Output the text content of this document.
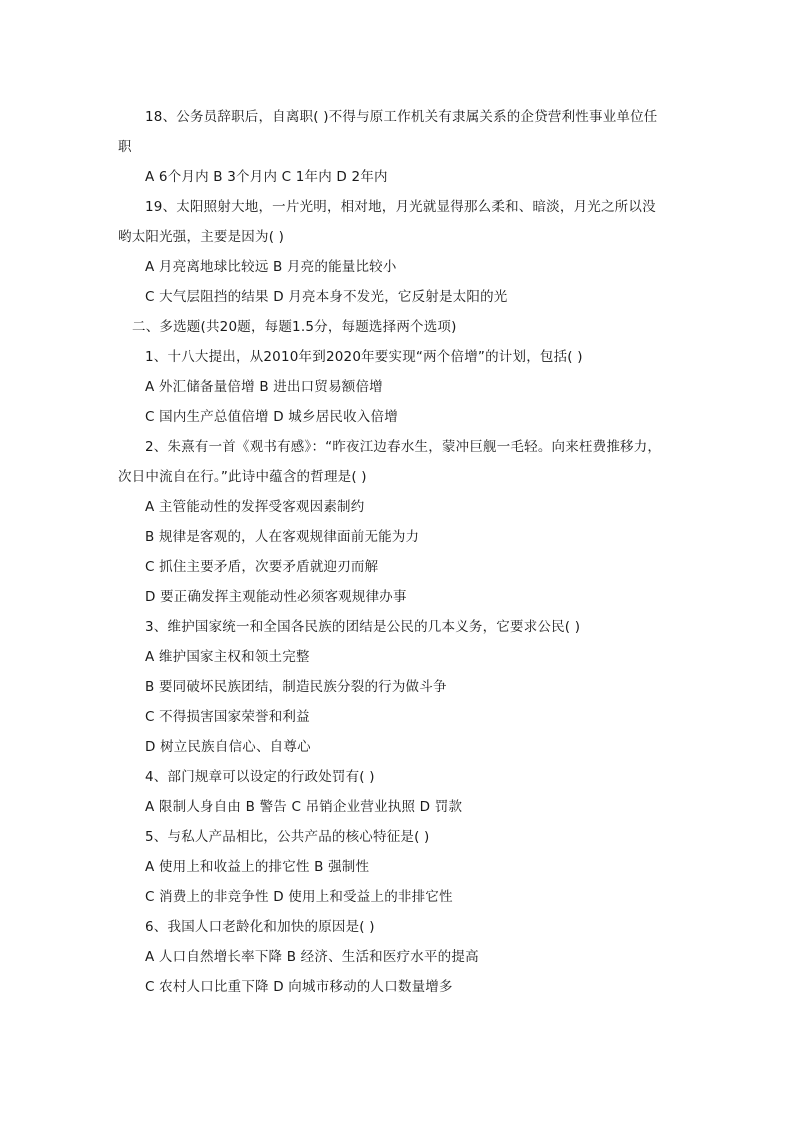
18、公务员辞职后，自离职( )不得与原工作机关有隶属关系的企贷营利性事业单位任
职
A 6个月内 B 3个月内 C 1年内 D 2年内
19、太阳照射大地，一片光明，相对地，月光就显得那么柔和、暗淡，月光之所以没
哟太阳光强，主要是因为( )
A 月亮离地球比较远 B 月亮的能量比较小
C 大气层阻挡的结果 D 月亮本身不发光，它反射是太阳的光
二、多选题(共20题，每题1.5分，每题选择两个选项)
1、十八大提出，从2010年到2020年要实现“两个倍增”的计划，包括( )
A 外汇储备量倍增 B 进出口贸易额倍增
C 国内生产总值倍增 D 城乡居民收入倍增
2、朱熹有一首《观书有感》：“昨夜江边春水生，蒙冲巨舰一毛轻。向来枉费推移力，
次日中流自在行。”此诗中蕴含的哲理是( )
A 主管能动性的发挥受客观因素制约
B 规律是客观的，人在客观规律面前无能为力
C 抓住主要矛盾，次要矛盾就迎刃而解
D 要正确发挥主观能动性必须客观规律办事
3、维护国家统一和全国各民族的团结是公民的几本义务，它要求公民( )
A 维护国家主权和领土完整
B 要同破坏民族团结，制造民族分裂的行为做斗争
C 不得损害国家荣誉和利益
D 树立民族自信心、自尊心
4、部门规章可以设定的行政处罚有( )
A 限制人身自由 B 警告 C 吊销企业营业执照 D 罚款
5、与私人产品相比，公共产品的核心特征是( )
A 使用上和收益上的排它性 B 强制性
C 消费上的非竞争性 D 使用上和受益上的非排它性
6、我国人口老龄化和加快的原因是( )
A 人口自然增长率下降 B 经济、生活和医疗水平的提高
C 农村人口比重下降 D 向城市移动的人口数量增多
